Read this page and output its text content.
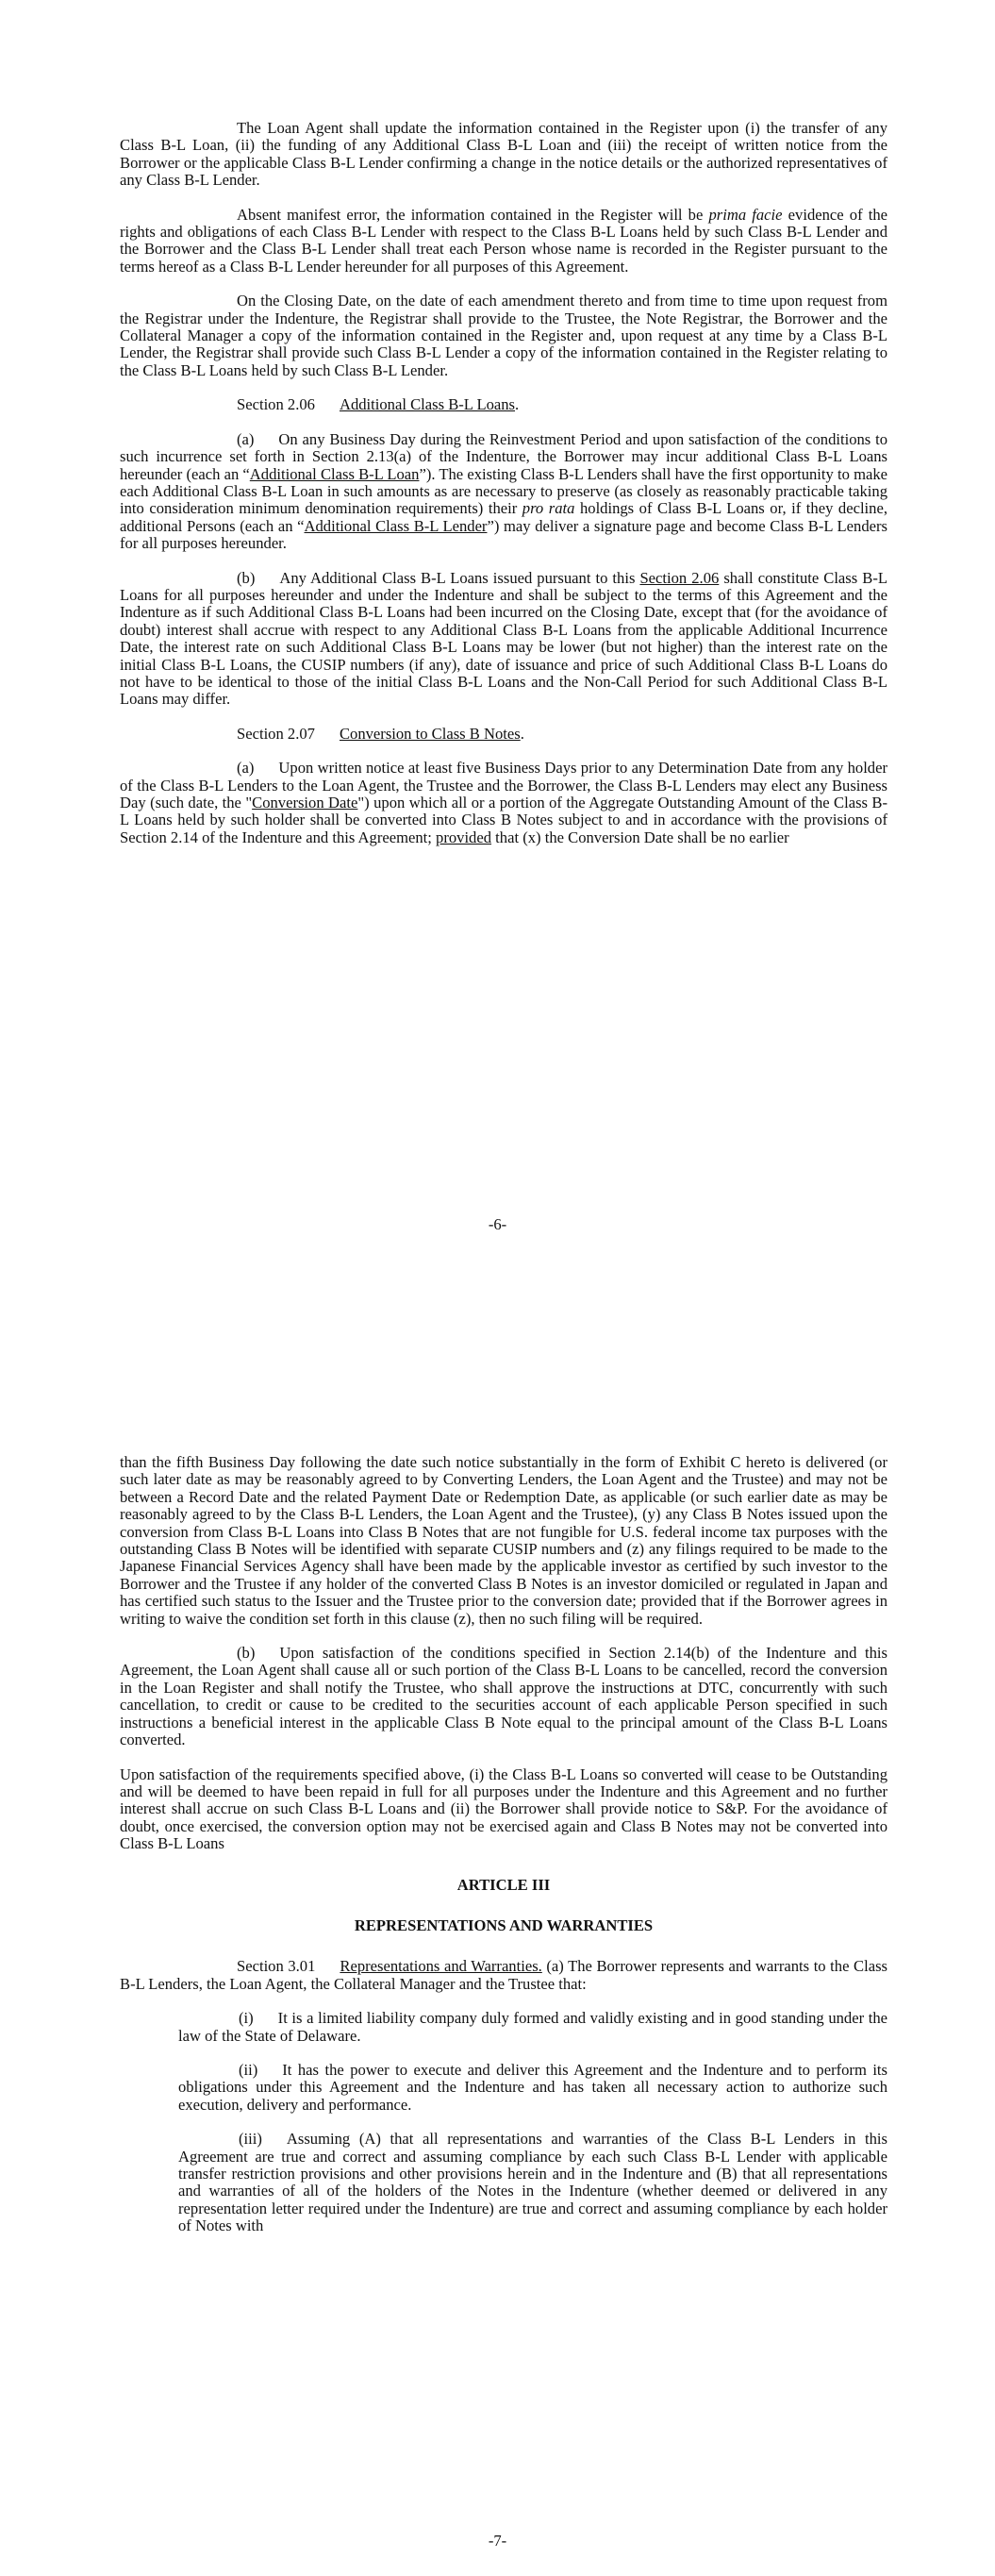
The Loan Agent shall update the information contained in the Register upon (i) the transfer of any Class B-L Loan, (ii) the funding of any Additional Class B-L Loan and (iii) the receipt of written notice from the Borrower or the applicable Class B-L Lender confirming a change in the notice details or the authorized representatives of any Class B-L Lender.

Absent manifest error, the information contained in the Register will be prima facie evidence of the rights and obligations of each Class B-L Lender with respect to the Class B-L Loans held by such Class B-L Lender and the Borrower and the Class B-L Lender shall treat each Person whose name is recorded in the Register pursuant to the terms hereof as a Class B-L Lender hereunder for all purposes of this Agreement.

On the Closing Date, on the date of each amendment thereto and from time to time upon request from the Registrar under the Indenture, the Registrar shall provide to the Trustee, the Note Registrar, the Borrower and the Collateral Manager a copy of the information contained in the Register and, upon request at any time by a Class B-L Lender, the Registrar shall provide such Class B-L Lender a copy of the information contained in the Register relating to the Class B-L Loans held by such Class B-L Lender.

Section 2.06 Additional Class B-L Loans.

(a) On any Business Day during the Reinvestment Period and upon satisfaction of the conditions to such incurrence set forth in Section 2.13(a) of the Indenture, the Borrower may incur additional Class B-L Loans hereunder (each an “Additional Class B-L Loan”). The existing Class B-L Lenders shall have the first opportunity to make each Additional Class B-L Loan in such amounts as are necessary to preserve (as closely as reasonably practicable taking into consideration minimum denomination requirements) their pro rata holdings of Class B-L Loans or, if they decline, additional Persons (each an “Additional Class B-L Lender”) may deliver a signature page and become Class B-L Lenders for all purposes hereunder.

(b) Any Additional Class B-L Loans issued pursuant to this Section 2.06 shall constitute Class B-L Loans for all purposes hereunder and under the Indenture and shall be subject to the terms of this Agreement and the Indenture as if such Additional Class B-L Loans had been incurred on the Closing Date, except that (for the avoidance of doubt) interest shall accrue with respect to any Additional Class B-L Loans from the applicable Additional Incurrence Date, the interest rate on such Additional Class B-L Loans may be lower (but not higher) than the interest rate on the initial Class B-L Loans, the CUSIP numbers (if any), date of issuance and price of such Additional Class B-L Loans do not have to be identical to those of the initial Class B-L Loans and the Non-Call Period for such Additional Class B-L Loans may differ.

Section 2.07 Conversion to Class B Notes.

(a) Upon written notice at least five Business Days prior to any Determination Date from any holder of the Class B-L Lenders to the Loan Agent, the Trustee and the Borrower, the Class B-L Lenders may elect any Business Day (such date, the "Conversion Date") upon which all or a portion of the Aggregate Outstanding Amount of the Class B-L Loans held by such holder shall be converted into Class B Notes subject to and in accordance with the provisions of Section 2.14 of the Indenture and this Agreement; provided that (x) the Conversion Date shall be no earlier

-6-

than the fifth Business Day following the date such notice substantially in the form of Exhibit C hereto is delivered (or such later date as may be reasonably agreed to by Converting Lenders, the Loan Agent and the Trustee) and may not be between a Record Date and the related Payment Date or Redemption Date, as applicable (or such earlier date as may be reasonably agreed to by the Class B-L Lenders, the Loan Agent and the Trustee), (y) any Class B Notes issued upon the conversion from Class B-L Loans into Class B Notes that are not fungible for U.S. federal income tax purposes with the outstanding Class B Notes will be identified with separate CUSIP numbers and (z) any filings required to be made to the Japanese Financial Services Agency shall have been made by the applicable investor as certified by such investor to the Borrower and the Trustee if any holder of the converted Class B Notes is an investor domiciled or regulated in Japan and has certified such status to the Issuer and the Trustee prior to the conversion date; provided that if the Borrower agrees in writing to waive the condition set forth in this clause (z), then no such filing will be required.

(b) Upon satisfaction of the conditions specified in Section 2.14(b) of the Indenture and this Agreement, the Loan Agent shall cause all or such portion of the Class B-L Loans to be cancelled, record the conversion in the Loan Register and shall notify the Trustee, who shall approve the instructions at DTC, concurrently with such cancellation, to credit or cause to be credited to the securities account of each applicable Person specified in such instructions a beneficial interest in the applicable Class B Note equal to the principal amount of the Class B-L Loans converted.

Upon satisfaction of the requirements specified above, (i) the Class B-L Loans so converted will cease to be Outstanding and will be deemed to have been repaid in full for all purposes under the Indenture and this Agreement and no further interest shall accrue on such Class B-L Loans and (ii) the Borrower shall provide notice to S&P. For the avoidance of doubt, once exercised, the conversion option may not be exercised again and Class B Notes may not be converted into Class B-L Loans

ARTICLE III

REPRESENTATIONS AND WARRANTIES

Section 3.01 Representations and Warranties. (a) The Borrower represents and warrants to the Class B-L Lenders, the Loan Agent, the Collateral Manager and the Trustee that:

(i) It is a limited liability company duly formed and validly existing and in good standing under the law of the State of Delaware.

(ii) It has the power to execute and deliver this Agreement and the Indenture and to perform its obligations under this Agreement and the Indenture and has taken all necessary action to authorize such execution, delivery and performance.

(iii) Assuming (A) that all representations and warranties of the Class B-L Lenders in this Agreement are true and correct and assuming compliance by each such Class B-L Lender with applicable transfer restriction provisions and other provisions herein and in the Indenture and (B) that all representations and warranties of all of the holders of the Notes in the Indenture (whether deemed or delivered in any representation letter required under the Indenture) are true and correct and assuming compliance by each holder of Notes with

-7-
